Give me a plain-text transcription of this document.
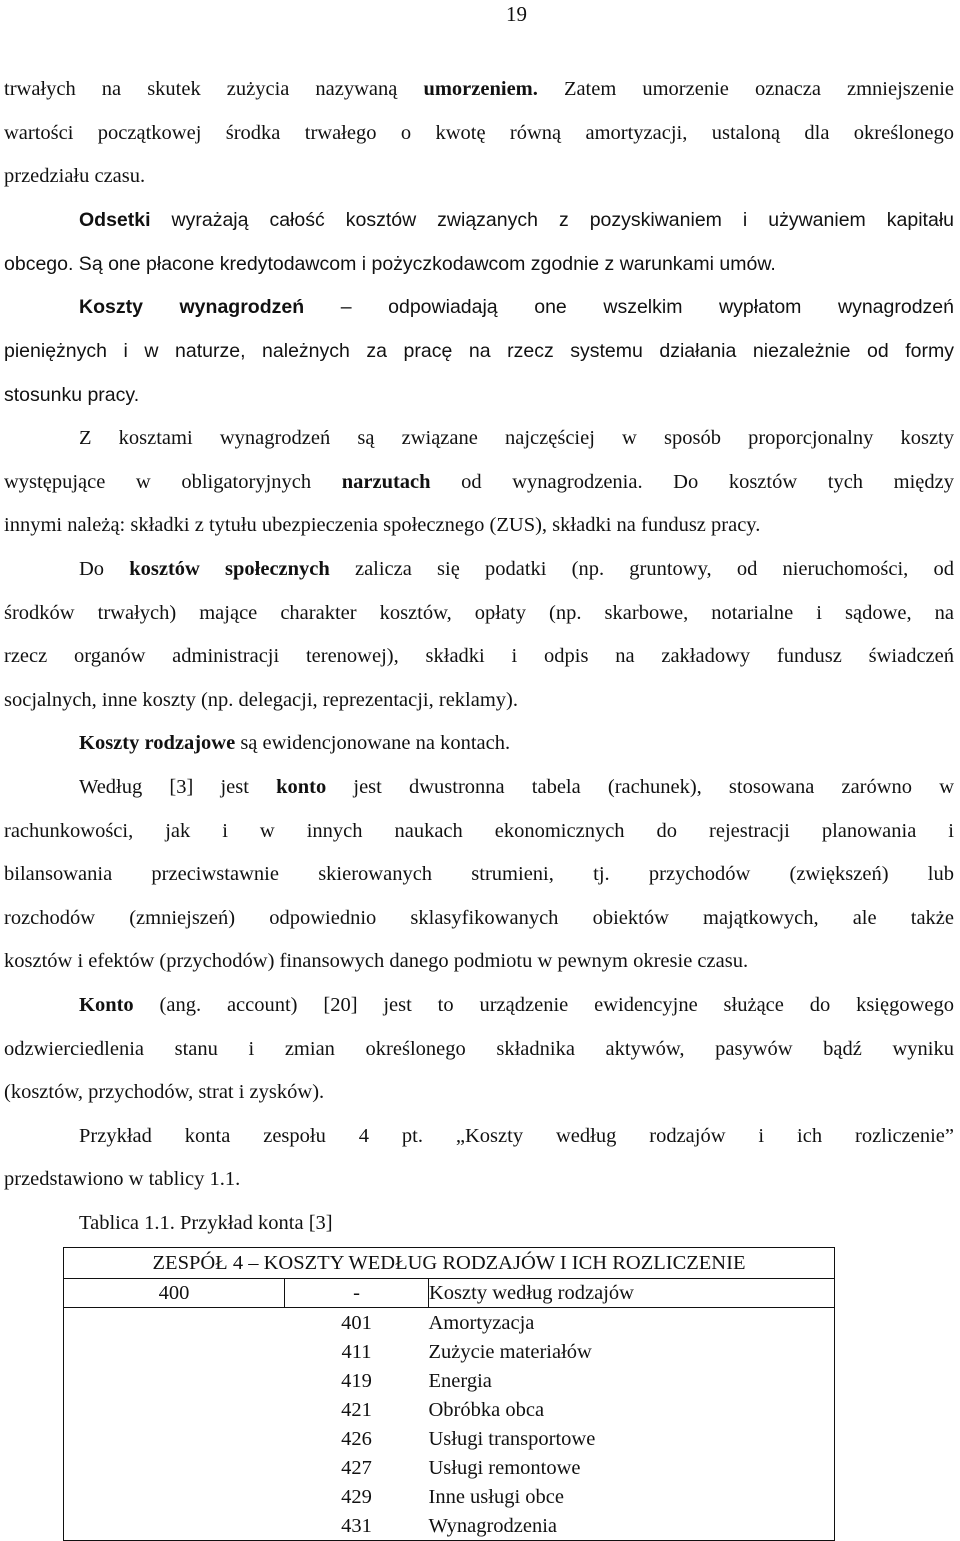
19
trwałych na skutek zużycia nazywaną umorzeniem. Zatem umorzenie oznacza zmniejszenie
wartości początkowej środka trwałego o kwotę równą amortyzacji, ustaloną dla określonego
przedziału czasu.
Odsetki wyrażają całość kosztów związanych z pozyskiwaniem i używaniem kapitału
obcego. Są one płacone kredytodawcom i pożyczkodawcom zgodnie z warunkami umów.
Koszty wynagrodzeń – odpowiadają one wszelkim wypłatom wynagrodzeń
pieniężnych i w naturze, należnych za pracę na rzecz systemu działania niezależnie od formy
stosunku pracy.
Z kosztami wynagrodzeń są związane najczęściej w sposób proporcjonalny koszty
występujące w obligatoryjnych narzutach od wynagrodzenia. Do kosztów tych między
innymi należą: składki z tytułu ubezpieczenia społecznego (ZUS), składki na fundusz pracy.
Do kosztów społecznych zalicza się podatki (np. gruntowy, od nieruchomości, od
środków trwałych) mające charakter kosztów, opłaty (np. skarbowe, notarialne i sądowe, na
rzecz organów administracji terenowej), składki i odpis na zakładowy fundusz świadczeń
socjalnych, inne koszty (np. delegacji, reprezentacji, reklamy).
Koszty rodzajowe są ewidencjonowane na kontach.
Według [3] jest konto jest dwustronna tabela (rachunek), stosowana zarówno w
rachunkowości, jak i w innych naukach ekonomicznych do rejestracji planowania i
bilansowania przeciwstawnie skierowanych strumieni, tj. przychodów (zwiększeń) lub
rozchodów (zmniejszeń) odpowiednio sklasyfikowanych obiektów majątkowych, ale także
kosztów i efektów (przychodów) finansowych danego podmiotu w pewnym okresie czasu.
Konto (ang. account) [20] jest to urządzenie ewidencyjne służące do księgowego
odzwierciedlenia stanu i zmian określonego składnika aktywów, pasywów bądź wyniku
(kosztów, przychodów, strat i zysków).
Przykład konta zespołu 4 pt. „Koszty według rodzajów i ich rozliczenie”
przedstawiono w tablicy 1.1.
Tablica 1.1. Przykład konta [3]
ZESPÓŁ 4 – KOSZTY WEDŁUG RODZAJÓW I ICH ROZLICZENIE		
400	-	Koszty według rodzajów
	401	Amortyzacja
	411	Zużycie materiałów
	419	Energia
	421	Obróbka obca
	426	Usługi transportowe
	427	Usługi remontowe
	429	Inne usługi obce
	431	Wynagrodzenia
